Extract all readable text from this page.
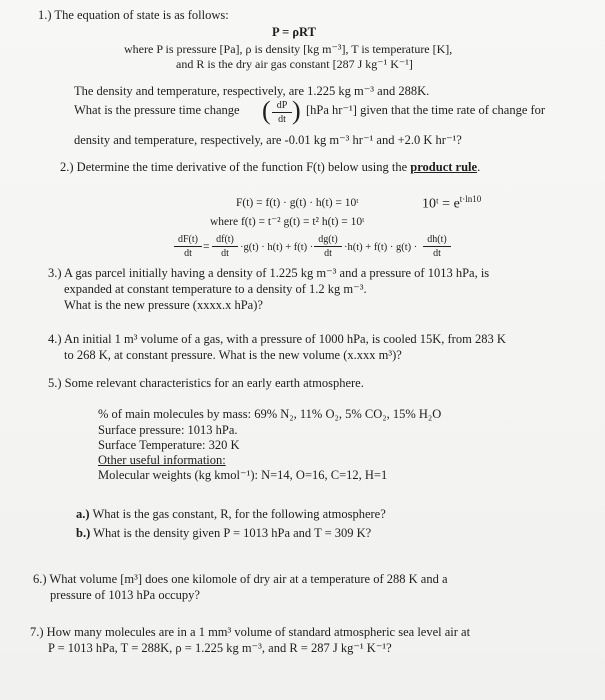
1.) The equation of state is as follows:
P = ρRT
where P is pressure [Pa], ρ is density [kg m⁻³], T is temperature [K],
and R is the dry air gas constant [287 J kg⁻¹ K⁻¹]
The density and temperature, respectively, are 1.225 kg m⁻³ and 288K.
What is the pressure time change ( dP
dt ) [hPa hr⁻¹] given that the time rate of change for
density and temperature, respectively, are -0.01 kg m⁻³ hr⁻¹ and +2.0 K hr⁻¹?
2.) Determine the time derivative of the function F(t) below using the product rule.
F(t) = f(t) · g(t) · h(t) = 10ᵗ	10ᵗ = $e^{t\cdot ln10}$
where f(t) = t⁻² g(t) = t² h(t) = 10ᵗ
dF(t)
dt
=
df(t)
dt
·g(t) · h(t) + f(t) ·
dg(t)
dt
·h(t) + f(t) · g(t) ·
dh(t)
dt
3.) A gas parcel initially having a density of 1.225 kg m⁻³ and a pressure of 1013 hPa, is
expanded at constant temperature to a density of 1.2 kg m⁻³.
What is the new pressure (xxxx.x hPa)?
4.) An initial 1 m³ volume of a gas, with a pressure of 1000 hPa, is cooled 15K, from 283 K
to 268 K, at constant pressure. What is the new volume (x.xxx m³)?
5.) Some relevant characteristics for an early earth atmosphere.
% of main molecules by mass: 69% N₂, 11% O₂, 5% CO₂, 15% H₂O
Surface pressure: 1013 hPa.
Surface Temperature: 320 K
Other useful information:
Molecular weights (kg kmol⁻¹): N=14, O=16, C=12, H=1
a.) What is the gas constant, R, for the following atmosphere?
b.) What is the density given P = 1013 hPa and T = 309 K?
6.) What volume [m³] does one kilomole of dry air at a temperature of 288 K and a
pressure of 1013 hPa occupy?
7.) How many molecules are in a 1 mm³ volume of standard atmospheric sea level air at
P = 1013 hPa, T = 288K, ρ = 1.225 kg m⁻³, and R = 287 J kg⁻¹ K⁻¹?
